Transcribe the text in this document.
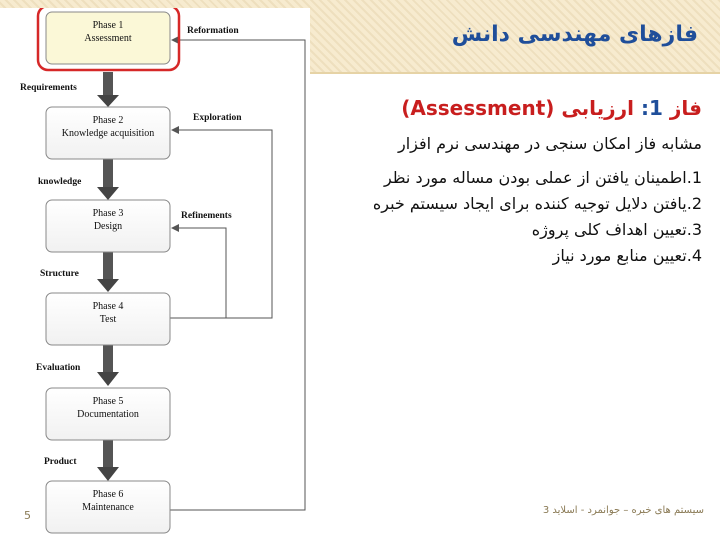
فازهای مهندسی دانش
Phase 1
Assessment
Phase 2
Knowledge acquisition
Phase 3
Design
Phase 4
Test
Phase 5
Documentation
Phase 6
Maintenance
Requirements
knowledge
Structure
Evaluation
Product
Reformation
Exploration
Refinements
فاز 1: ارزیابی (Assessment)
مشابه فاز امکان سنجی در مهندسی نرم افزار
1.اطمینان یافتن از عملی بودن مساله مورد نظر
2.یافتن دلایل توجیه کننده برای ایجاد سیستم خبره
3.تعیین اهداف کلی پروژه
4.تعیین منابع مورد نیاز
5	سیستم های خبره – جوانمرد - اسلاید 3
